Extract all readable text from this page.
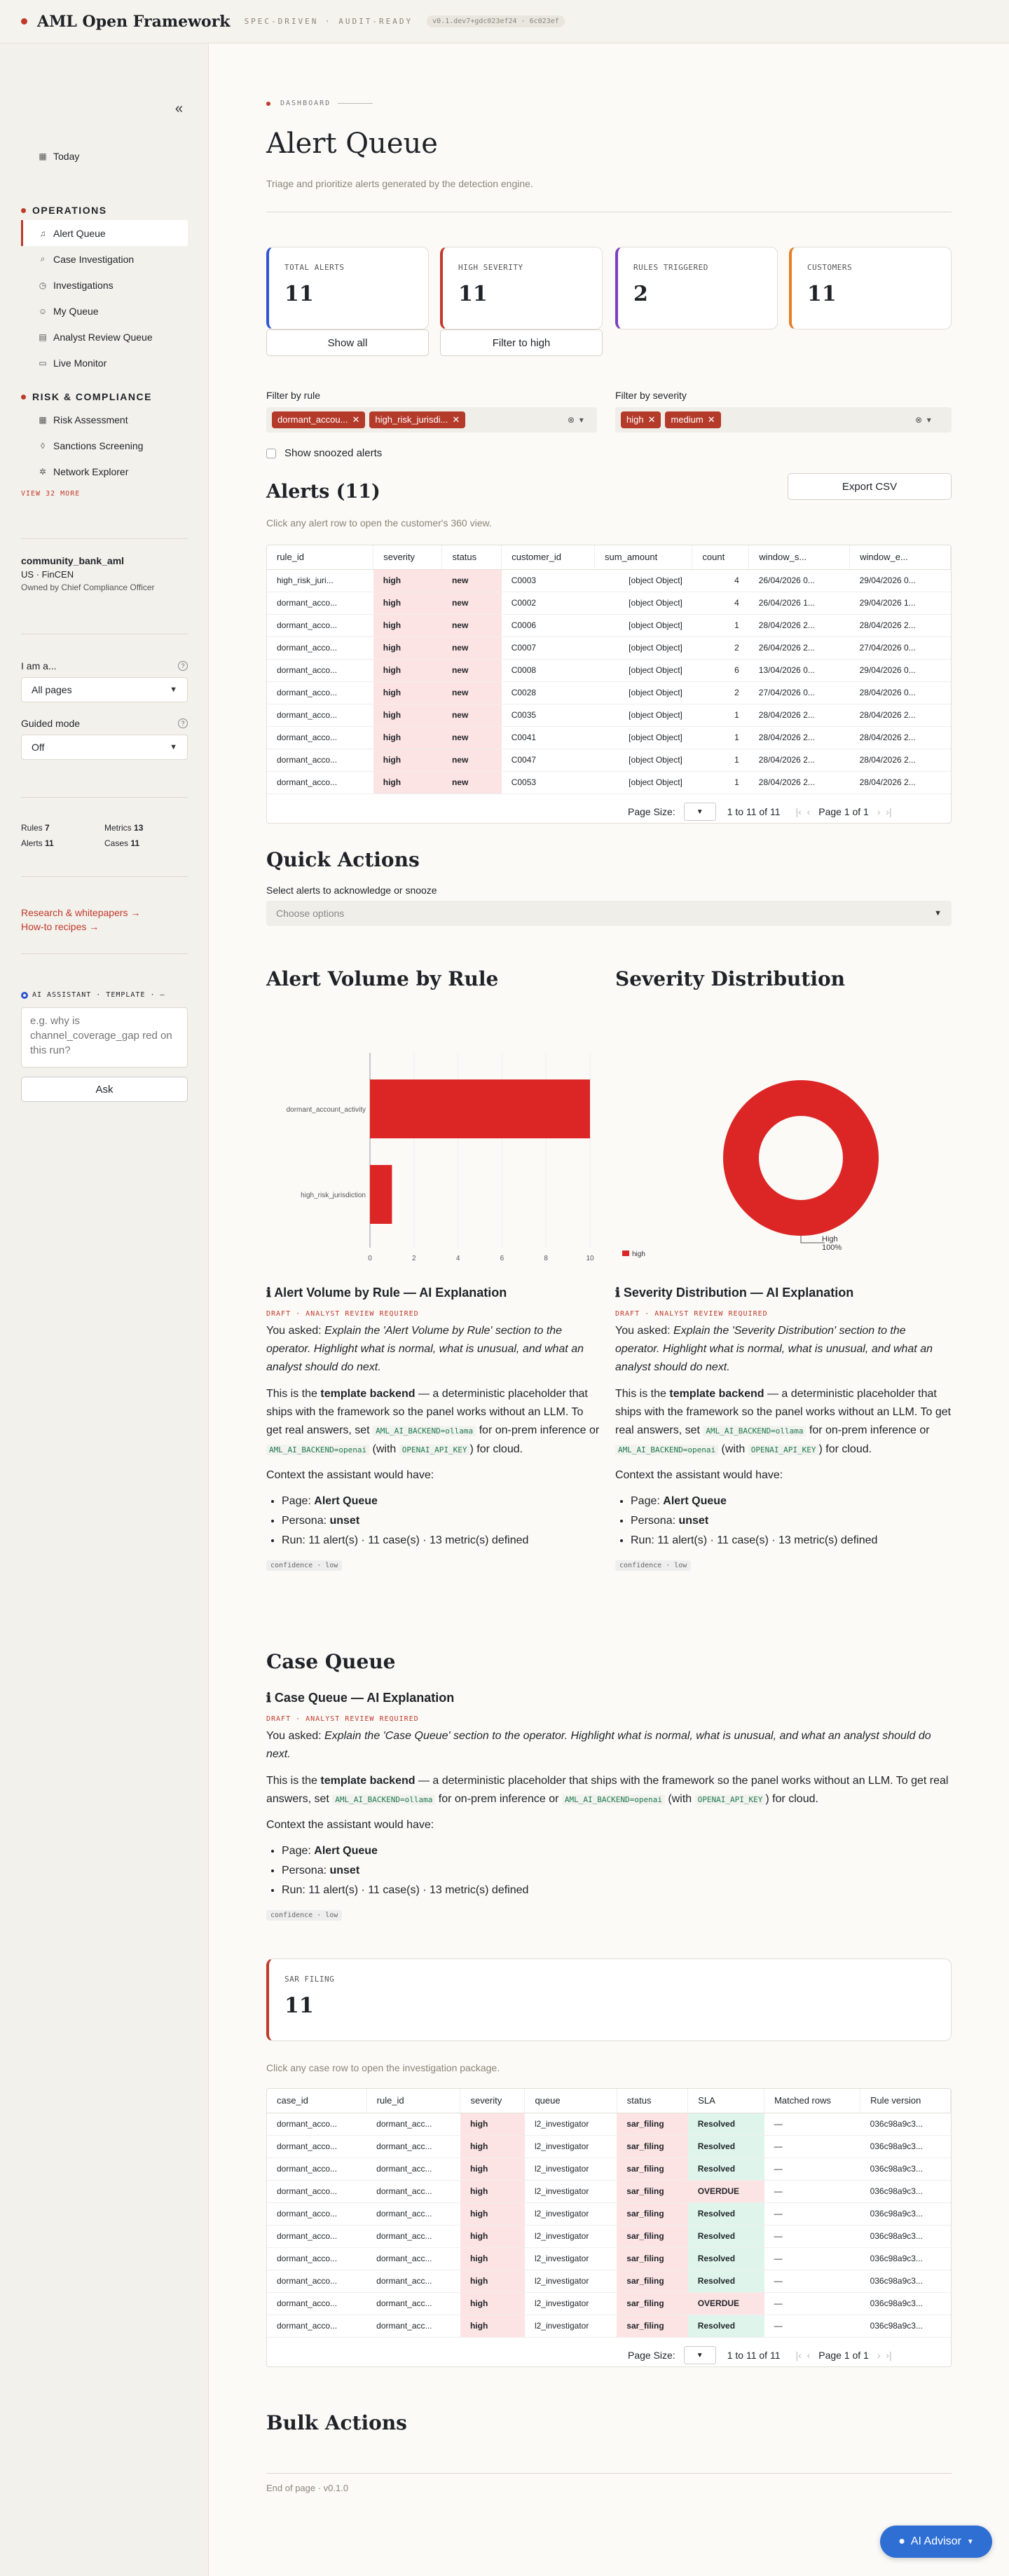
AML Open Framework SPEC-DRIVEN · AUDIT-READY	v0.1.dev7+gdc023ef24 · 6c023ef
«
▦ Today
OPERATIONS
♫ Alert Queue
⌕ Case Investigation
◷ Investigations
☺ My Queue
▤ Analyst Review Queue
▭ Live Monitor
RISK & COMPLIANCE
▦ Risk Assessment
◊ Sanctions Screening
✲ Network Explorer
VIEW 32 MORE
community_bank_aml
US · FinCEN
Owned by Chief Compliance Officer
I am a...	?
All pages	▼
Guided mode	?
Off	▼
Rules 7	Metrics 13
Alerts 11	Cases 11
Research & whitepapers →
How-to recipes →
AI ASSISTANT · TEMPLATE · —
e.g. why is channel_coverage_gap red on this run?
Ask
DASHBOARD
Alert Queue
Triage and prioritize alerts generated by the detection engine.
TOTAL ALERTS
11
HIGH SEVERITY
11
RULES TRIGGERED
2
CUSTOMERS
11
Show all	Filter to high
Filter by rule
dormant_accou... ✕	high_risk_jurisdi... ✕	⊗  ▾
Filter by severity
high ✕	medium ✕	⊗  ▾
Show snoozed alerts
Alerts (11)	Export CSV
Click any alert row to open the customer's 360 view.
rule_id	severity	status	customer_id	sum_amount	count	window_s...	window_e...
high_risk_juri...	high	new	C0003	[object Object]	4	26/04/2026 0...	29/04/2026 0...
dormant_acco...	high	new	C0002	[object Object]	4	26/04/2026 1...	29/04/2026 1...
dormant_acco...	high	new	C0006	[object Object]	1	28/04/2026 2...	28/04/2026 2...
dormant_acco...	high	new	C0007	[object Object]	2	26/04/2026 2...	27/04/2026 0...
dormant_acco...	high	new	C0008	[object Object]	6	13/04/2026 0...	29/04/2026 0...
dormant_acco...	high	new	C0028	[object Object]	2	27/04/2026 0...	28/04/2026 0...
dormant_acco...	high	new	C0035	[object Object]	1	28/04/2026 2...	28/04/2026 2...
dormant_acco...	high	new	C0041	[object Object]	1	28/04/2026 2...	28/04/2026 2...
dormant_acco...	high	new	C0047	[object Object]	1	28/04/2026 2...	28/04/2026 2...
dormant_acco...	high	new	C0053	[object Object]	1	28/04/2026 2...	28/04/2026 2...
Page Size:	▼	1 to 11 of 11 |‹  ‹ Page 1 of 1 ›  ›|
Quick Actions
Select alerts to acknowledge or snooze
Choose options	▼
Alert Volume by Rule	Severity Distribution
0	2	4	6	8	10
dormant_account_activity
high_risk_jurisdiction
High
100%
high
ℹ Alert Volume by Rule — AI Explanation
DRAFT · ANALYST REVIEW REQUIRED
You asked: Explain the 'Alert Volume by Rule' section to the operator. Highlight what is normal, what is unusual, and what an analyst should do next.
This is the template backend — a deterministic placeholder that ships with the framework so the panel works without an LLM. To get real answers, set AML_AI_BACKEND=ollama for on-prem inference or AML_AI_BACKEND=openai (with OPENAI_API_KEY ) for cloud.
Context the assistant would have:
• Page: Alert Queue
• Persona: unset
• Run: 11 alert(s) · 11 case(s) · 13 metric(s) defined
confidence · low
ℹ Severity Distribution — AI Explanation
DRAFT · ANALYST REVIEW REQUIRED
You asked: Explain the 'Severity Distribution' section to the operator. Highlight what is normal, what is unusual, and what an analyst should do next.
This is the template backend — a deterministic placeholder that ships with the framework so the panel works without an LLM. To get real answers, set AML_AI_BACKEND=ollama for on-prem inference or AML_AI_BACKEND=openai (with OPENAI_API_KEY ) for cloud.
Context the assistant would have:
• Page: Alert Queue
• Persona: unset
• Run: 11 alert(s) · 11 case(s) · 13 metric(s) defined
confidence · low
Case Queue
ℹ Case Queue — AI Explanation
DRAFT · ANALYST REVIEW REQUIRED
You asked: Explain the 'Case Queue' section to the operator. Highlight what is normal, what is unusual, and what an analyst should do next.
This is the template backend — a deterministic placeholder that ships with the framework so the panel works without an LLM. To get real answers, set AML_AI_BACKEND=ollama for on-prem inference or AML_AI_BACKEND=openai (with OPENAI_API_KEY ) for cloud.
Context the assistant would have:
• Page: Alert Queue
• Persona: unset
• Run: 11 alert(s) · 11 case(s) · 13 metric(s) defined
confidence · low
SAR FILING
11
Click any case row to open the investigation package.
case_id	rule_id	severity	queue	status	SLA	Matched rows	Rule version
dormant_acco...	dormant_acc...	high	l2_investigator	sar_filing	Resolved	—	036c98a9c3...
dormant_acco...	dormant_acc...	high	l2_investigator	sar_filing	Resolved	—	036c98a9c3...
dormant_acco...	dormant_acc...	high	l2_investigator	sar_filing	Resolved	—	036c98a9c3...
dormant_acco...	dormant_acc...	high	l2_investigator	sar_filing	OVERDUE	—	036c98a9c3...
dormant_acco...	dormant_acc...	high	l2_investigator	sar_filing	Resolved	—	036c98a9c3...
dormant_acco...	dormant_acc...	high	l2_investigator	sar_filing	Resolved	—	036c98a9c3...
dormant_acco...	dormant_acc...	high	l2_investigator	sar_filing	Resolved	—	036c98a9c3...
dormant_acco...	dormant_acc...	high	l2_investigator	sar_filing	Resolved	—	036c98a9c3...
dormant_acco...	dormant_acc...	high	l2_investigator	sar_filing	OVERDUE	—	036c98a9c3...
dormant_acco...	dormant_acc...	high	l2_investigator	sar_filing	Resolved	—	036c98a9c3...
Page Size:	▼	1 to 11 of 11 |‹  ‹ Page 1 of 1 ›  ›|
Bulk Actions
End of page · v0.1.0
● AI Advisor ▼
